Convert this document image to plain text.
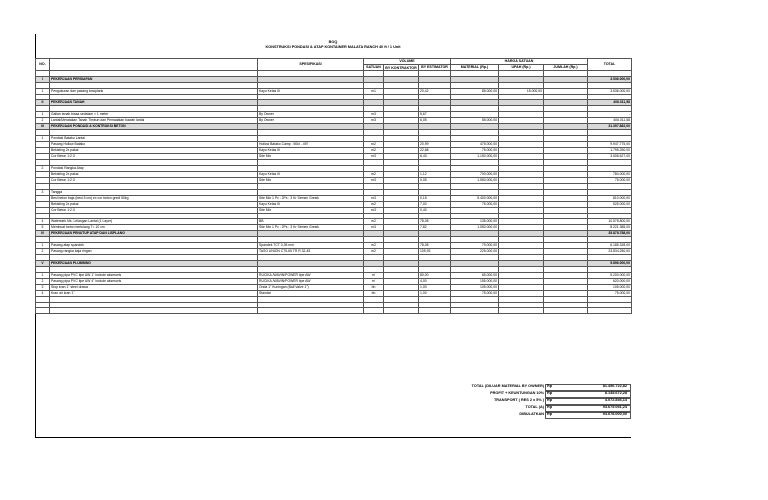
BOQ
KONSTRUKSI PONDASI & ATAP KONTAINER MALATA RANCH 40 ft / 1 Unit
NO.		SPESIFIKASI	VOLUME			HARGA SATUAN			TOTAL
			SATUAN	BY KONTRAKTOR	BY ESTIMATOR	MATERIAL (Rp.)	UPAH (Rp.)	JUMLAH (Rp.)	

I	PEKERJAAN PERSIAPAN								3.536.000,00

1	Pengukuran dan pasang bowplank	Kayu Kelas III	m1		20,42	85.000,00	15.000,00		3.536.000,00

II	PEKERJAAN TANAH								406.011,58

1	Galian tanah biasa sedalam > 1 meter	By Owner	m3		5,67				-
2	Lantai/Meratakan Tanah Timbun dan Pemadatan bawah lantai	By Owner	m3		6,05	55.000,00			406.011,58
III	PEKERJAAN PONDASI & KONTRUKSI BETON								31.397.862,00

1	Pondasi Batako Lantai								
	Pasang Hollow Batako	Hollow Batako Camp : 50kl - 497	m2		20,99	475.000,00			9.947.775,00
	Bekisting 2x pakai	Kayu Kelas III	m2		22,68	75.000,00			1.795.250,00
	Cor Beton 1:2:3	Site Mix	m3		6,43	1.150.000,00			3.508.627,00

2	Pondasi Rangka Atap								
	Bekisting 2x pakai	Kayu Kelas III	m2		1,12	700.000,00			784.000,00
	Cor Beton 1:2:3	Site Mix	m3		0,05	1.550.000,00			75.000,00

3	Tangga								
	Besi beton baja (besi 5 cm) ex cor beton gredi 50kg	Site Mix 1 Pc : 2Ps : 3 Kr Semen Gresik	m3		0,15	5.400.000,00			810.000,00
	Bekisting 2x pakai	Kayu Kelas III	m2		7,00	75.000,00			525.000,00
	Cor Beton 1:2:3	Site Mix	m3		0,40				

4	Waterstek Ms. Lelangan Lantai (1 Layer)	BB	m2		78,08	135.000,00			10.578.800,00
5	Membuat beton bertulang T= 10 cm	Site Mix 1 Pc : 2Ps : 3 Kr Semen Gresik	m3		7,82	1.050.000,00			8.221.385,00
IV	PEKERJAAN PENUTUP ATAP DAN LISPLANG								35.878.788,00

1	Pasang atap spandek	Spandek TCT 0,35 mm	m2		78,08	79.000,00			6.185.328,00
2	Pasang rangka baja ringan	TASO UNION C75-65 TR R 32-45	m2		105,93	225.000,00			23.834.250,00

V	PEKERJAAN PLUMBING								5.896.000,00

1	Pasang pipa PVC tipe AW 1" include aksesoris	RUCIKA /WAVIN/POWER tipe AW	m'		80,00	65.000,00			5.200.000,00
2	Pasang pipa PVC tipe AW 4" include aksesoris	RUCIKA /WAVIN/POWER tipe AW	m'		4,00	155.000,00			620.000,00
3	Stop kran 1" steel drawa	Onda 1" Kuningan (Ball Valve 1")	bh		1,00	105.000,00			105.000,00
4	Kran air kran 1"	Standar	bh		1,00	75.000,00			75.000,00

TOTAL (DILUAR MATERIAL BY OWNER) Rp	81.456.722,82
PROFIT + KEUNTUNGAN 10% Rp	8.145.672,28
TRANSPORT ( RES 2 x 5% ) Rp	4.072.836,14
TOTAL (A) Rp	93.675.051,24
DIBULATKAN Rp	93.678.000,00
